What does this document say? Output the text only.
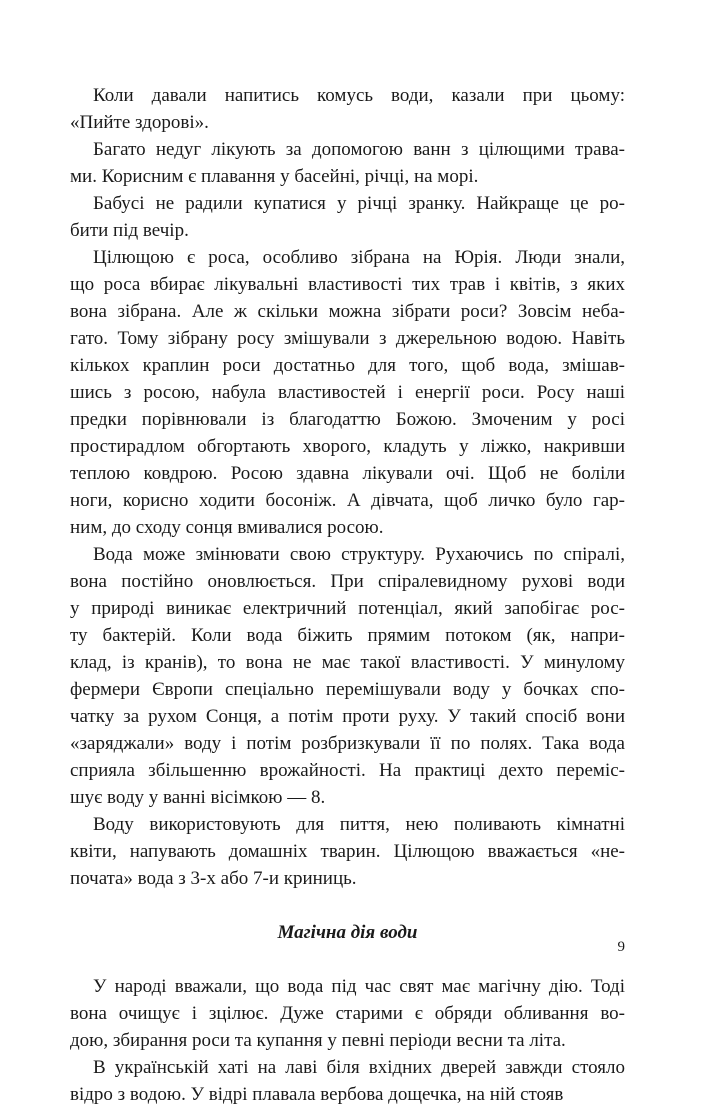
Коли давали напитись комусь води, казали при цьому:
«Пийте здорові».
Багато недуг лікують за допомогою ванн з цілющими трава-
ми. Корисним є плавання у басейні, річці, на морі.
Бабусі не радили купатися у річці зранку. Найкраще це ро-
бити під вечір.
Цілющою є роса, особливо зібрана на Юрія. Люди знали,
що роса вбирає лікувальні властивості тих трав і квітів, з яких
вона зібрана. Але ж скільки можна зібрати роси? Зовсім неба-
гато. Тому зібрану росу змішували з джерельною водою. Навіть
кількох краплин роси достатньо для того, щоб вода, змішав-
шись з росою, набула властивостей і енергії роси. Росу наші
предки порівнювали із благодаттю Божою. Змоченим у росі
простирадлом обгортають хворого, кладуть у ліжко, накривши
теплою ковдрою. Росою здавна лікували очі. Щоб не боліли
ноги, корисно ходити босоніж. А дівчата, щоб личко було гар-
ним, до сходу сонця вмивалися росою.
Вода може змінювати свою структуру. Рухаючись по спіралі,
вона постійно оновлюється. При спіралевидному рухові води
у природі виникає електричний потенціал, який запобігає рос-
ту бактерій. Коли вода біжить прямим потоком (як, напри-
клад, із кранів), то вона не має такої властивості. У минулому
фермери Європи спеціально перемішували воду у бочках спо-
чатку за рухом Сонця, а потім проти руху. У такий спосіб вони
«заряджали» воду і потім розбризкували її по полях. Така вода
сприяла збільшенню врожайності. На практиці дехто переміс-
шує воду у ванні вісімкою — 8.
Воду використовують для пиття, нею поливають кімнатні
квіти, напувають домашніх тварин. Цілющою вважається «не-
початa» вода з 3-х або 7-и криниць.
Магічна дія води
У народі вважали, що вода під час свят має магічну дію. Тоді
вона очищує і зцілює. Дуже старими є обряди обливання во-
дою, збирання роси та купання у певні періоди весни та літа.
В українській хаті на лаві біля вхідних дверей завжди стояло
відро з водою. У відрі плавала вербова дощечка, на ній стояв
9
